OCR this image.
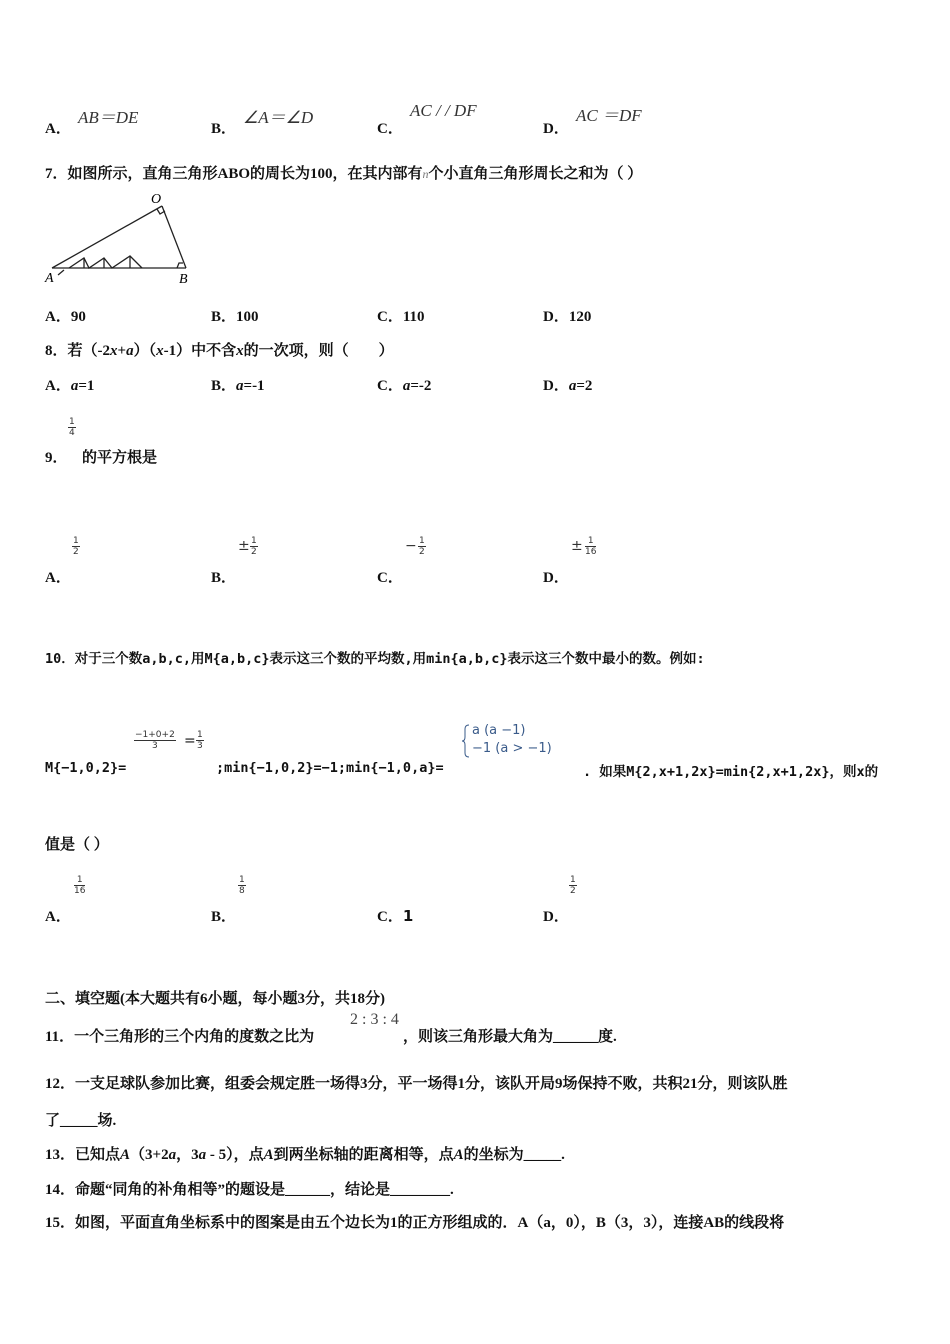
A．
AB＝DE
B．
∠A＝∠D
C．
AC / / DF
D．
AC ＝DF
7．如图所示，直角三角形ABO的周长为100，在其内部有n个小直角三角形周长之和为（ ）
O
A	B
A．90	B．100	C．110	D．120
8．若（-2x+a）（x-1）中不含x的一次项，则（　　）
A．a=1	B．a=-1	C．a=-2	D．a=2
$\frac{1}{4}$
9． 的平方根是
$\frac{1}{2}$
A．
± $\frac{1}{2}$
B．
− $\frac{1}{2}$
C．
± $\frac{1}{16}$
D．
10．对于三个数a,b,c,用M{a,b,c}表示这三个数的平均数,用min{a,b,c}表示这三个数中最小的数。例如:
M{−1,0,2}=
$\frac{-1+0+2}{3} = \frac{1}{3}$
;min{−1,0,2}=−1;min{−1,0,a}=
a (a −1)
−1 (a > −1)
. 如果M{2,x+1,2x}=min{2,x+1,2x}，则x的
值是（ ）
$\frac{1}{16}$
A．
$\frac{1}{8}$
B．	C．1
$\frac{1}{2}$
D．
二、填空题(本大题共有6小题，每小题3分，共18分)
11．一个三角形的三个内角的度数之比为
2 : 3 : 4
，则该三角形最大角为______度.
12．一支足球队参加比赛，组委会规定胜一场得3分，平一场得1分，该队开局9场保持不败，共积21分，则该队胜
了_____场.
13．已知点A（3+2a，3a - 5），点A到两坐标轴的距离相等，点A的坐标为_____.
14．命题“同角的补角相等”的题设是______，结论是________.
15．如图，平面直角坐标系中的图案是由五个边长为1的正方形组成的．A（a，0），B（3，3），连接AB的线段将
